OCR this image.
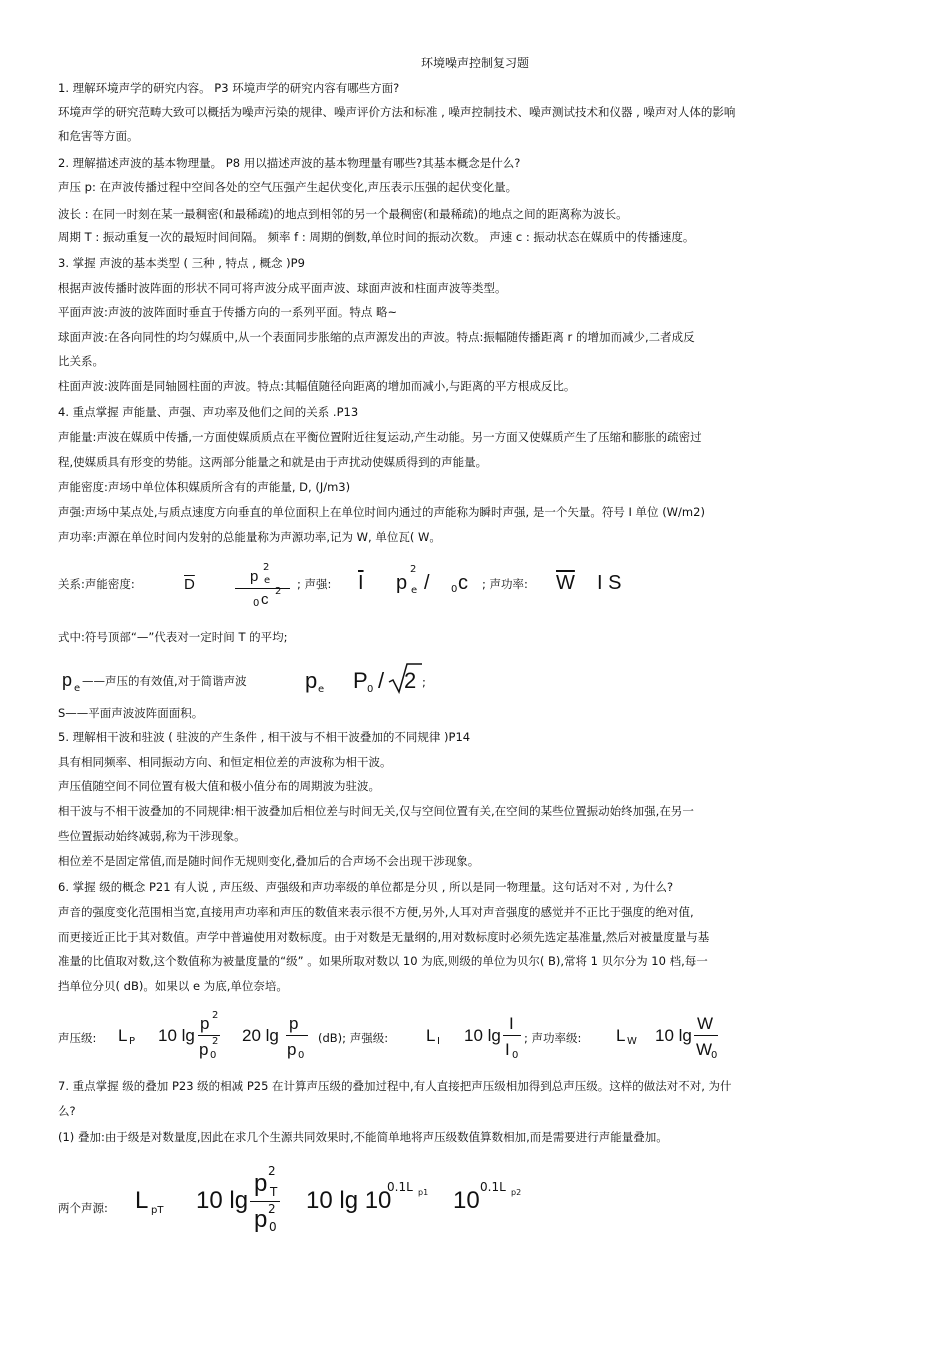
环境噪声控制复习题
1. 理解环境声学的研究内容。 P3 环境声学的研究内容有哪些方面?
环境声学的研究范畴大致可以概括为噪声污染的规律、噪声评价方法和标准 , 噪声控制技术、噪声测试技术和仪器 , 噪声对人体的影响
和危害等方面。
2. 理解描述声波的基本物理量。 P8 用以描述声波的基本物理量有哪些?其基本概念是什么?
声压 p: 在声波传播过程中空间各处的空气压强产生起伏变化,声压表示压强的起伏变化量。
波长 : 在同一时刻在某一最稠密(和最稀疏)的地点到相邻的另一个最稠密(和最稀疏)的地点之间的距离称为波长。
周期 T : 振动重复一次的最短时间间隔。 频率 f : 周期的倒数,单位时间的振动次数。 声速 c : 振动状态在媒质中的传播速度。
3. 掌握 声波的基本类型 ( 三种 , 特点 , 概念 )P9
根据声波传播时波阵面的形状不同可将声波分成平面声波、球面声波和柱面声波等类型。
平面声波:声波的波阵面时垂直于传播方向的一系列平面。特点 略~
球面声波:在各向同性的均匀媒质中,从一个表面同步胀缩的点声源发出的声波。特点:振幅随传播距离 r 的增加而减少,二者成反
比关系。
柱面声波:波阵面是同轴圆柱面的声波。特点:其幅值随径向距离的增加而减小,与距离的平方根成反比。
4. 重点掌握 声能量、声强、声功率及他们之间的关系 .P13
声能量:声波在媒质中传播,一方面使媒质质点在平衡位置附近往复运动,产生动能。另一方面又使媒质产生了压缩和膨胀的疏密过
程,使媒质具有形变的势能。这两部分能量之和就是由于声扰动使媒质得到的声能量。
声能密度:声场中单位体积媒质所含有的声能量, D, (J/m3)
声强:声场中某点处,与质点速度方向垂直的单位面积上在单位时间内通过的声能称为瞬时声强, 是一个矢量。符号 I 单位 (W/m2)
声功率:声源在单位时间内发射的总能量称为声源功率,记为 W, 单位瓦( W。
关系:声能密度:	$\overline{D}$	p
2
e
0 c 2
; 声强: $\overline{I}$ p
2
e / 0 c ; 声功率: $\overline{W}$ I S
式中:符号顶部“—”代表对一定时间 T 的平均;
p e
——声压的有效值,对于简谐声波	p e P 0 / 2 ;
S——平面声波波阵面面积。
5. 理解相干波和驻波 ( 驻波的产生条件 , 相干波与不相干波叠加的不同规律 )P14
具有相同频率、相同振动方向、和恒定相位差的声波称为相干波。
声压值随空间不同位置有极大值和极小值分布的周期波为驻波。
相干波与不相干波叠加的不同规律:相干波叠加后相位差与时间无关,仅与空间位置有关,在空间的某些位置振动始终加强,在另一
些位置振动始终减弱,称为干涉现象。
相位差不是固定常值,而是随时间作无规则变化,叠加后的合声场不会出现干涉现象。
6. 掌握 级的概念 P21 有人说 , 声压级、声强级和声功率级的单位都是分贝 , 所以是同一物理量。这句话对不对 , 为什么?
声音的强度变化范围相当宽,直接用声功率和声压的数值来表示很不方便,另外,人耳对声音强度的感觉并不正比于强度的绝对值,
而更接近正比于其对数值。声学中普遍使用对数标度。由于对数是无量纲的,用对数标度时必须先选定基准量,然后对被量度量与基
准量的比值取对数,这个数值称为被量度量的“级” 。如果所取对数以 10 为底,则级的单位为贝尔( B),常将 1 贝尔分为 10 档,每一
挡单位分贝( dB)。如果以 e 为底,单位奈培。
声压级: L P 10 lg
p 2
p 0
2 20 lg
p
p 0
(dB); 声强级: L I 10 lg
I
I 0
; 声功率级: L W 10 lg
W
W
0
7. 重点掌握 级的叠加 P23 级的相减 P25 在计算声压级的叠加过程中,有人直接把声压级相加得到总声压级。这样的做法对不对, 为什
么?
(1) 叠加:由于级是对数量度,因此在求几个生源共同效果时,不能简单地将声压级数值算数相加,而是需要进行声能量叠加。
两个声源: L pT 10 lg
p T
2
p 0
2 10 lg 10
0.1L p1 10 0.1L p2
